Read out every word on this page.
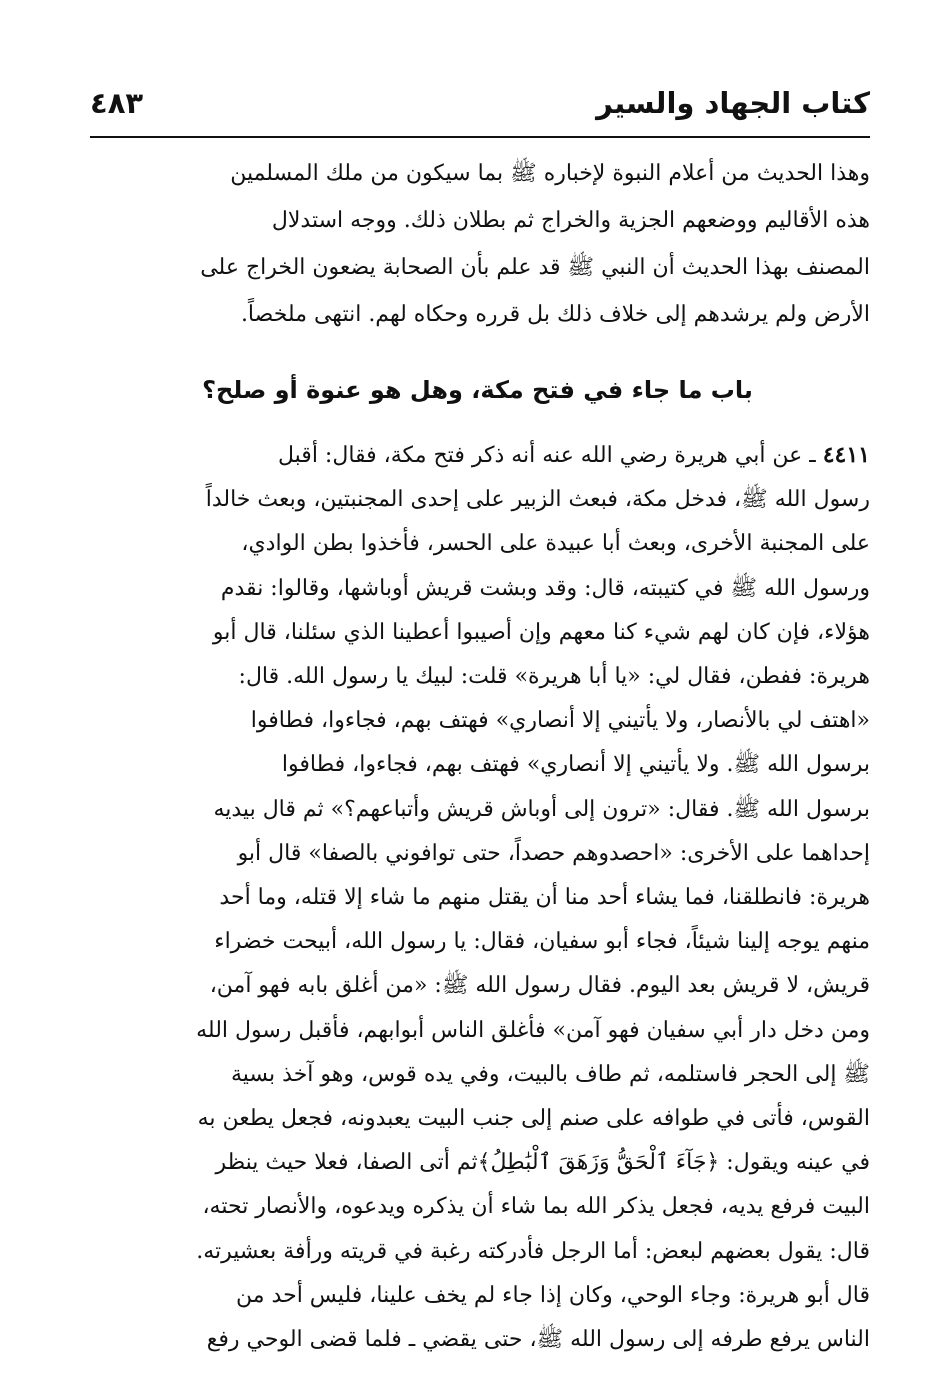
كتاب الجهاد والسير
٤٨٣
وهذا الحديث من أعلام النبوة لإخباره ﷺ بما سيكون من ملك المسلمين
هذه الأقاليم ووضعهم الجزية والخراج ثم بطلان ذلك. ووجه استدلال
المصنف بهذا الحديث أن النبي ﷺ قد علم بأن الصحابة يضعون الخراج على
الأرض ولم يرشدهم إلى خلاف ذلك بل قرره وحكاه لهم. انتهى ملخصاً.
باب ما جاء في فتح مكة، وهل هو عنوة أو صلح؟
٤٤١١ ـ عن أبي هريرة رضي الله عنه أنه ذكر فتح مكة، فقال: أقبل
رسول الله ﷺ، فدخل مكة، فبعث الزبير على إحدى المجنبتين، وبعث خالداً
على المجنبة الأخرى، وبعث أبا عبيدة على الحسر، فأخذوا بطن الوادي،
ورسول الله ﷺ في كتيبته، قال: وقد وبشت قريش أوباشها، وقالوا: نقدم
هؤلاء، فإن كان لهم شيء كنا معهم وإن أصيبوا أعطينا الذي سئلنا، قال أبو
هريرة: ففطن، فقال لي: «يا أبا هريرة» قلت: لبيك يا رسول الله. قال:
«اهتف لي بالأنصار، ولا يأتيني إلا أنصاري» فهتف بهم، فجاءوا، فطافوا
برسول الله ﷺ. ولا يأتيني إلا أنصاري» فهتف بهم، فجاءوا، فطافوا
برسول الله ﷺ. فقال: «ترون إلى أوباش قريش وأتباعهم؟» ثم قال بيديه
إحداهما على الأخرى: «احصدوهم حصداً، حتى توافوني بالصفا» قال أبو
هريرة: فانطلقنا، فما يشاء أحد منا أن يقتل منهم ما شاء إلا قتله، وما أحد
منهم يوجه إلينا شيئاً، فجاء أبو سفيان، فقال: يا رسول الله، أبيحت خضراء
قريش، لا قريش بعد اليوم. فقال رسول الله ﷺ: «من أغلق بابه فهو آمن،
ومن دخل دار أبي سفيان فهو آمن» فأغلق الناس أبوابهم، فأقبل رسول الله
ﷺ إلى الحجر فاستلمه، ثم طاف بالبيت، وفي يده قوس، وهو آخذ بسية
القوس، فأتى في طوافه على صنم إلى جنب البيت يعبدونه، فجعل يطعن به
في عينه ويقول: ﴿جَآءَ ٱلْحَقُّ وَزَهَقَ ٱلْبَٰطِلُ﴾ثم أتى الصفا، فعلا حيث ينظر
البيت فرفع يديه، فجعل يذكر الله بما شاء أن يذكره ويدعوه، والأنصار تحته،
قال: يقول بعضهم لبعض: أما الرجل فأدركته رغبة في قريته ورأفة بعشيرته.
قال أبو هريرة: وجاء الوحي، وكان إذا جاء لم يخف علينا، فليس أحد من
الناس يرفع طرفه إلى رسول الله ﷺ، حتى يقضي ـ فلما قضى الوحي رفع
